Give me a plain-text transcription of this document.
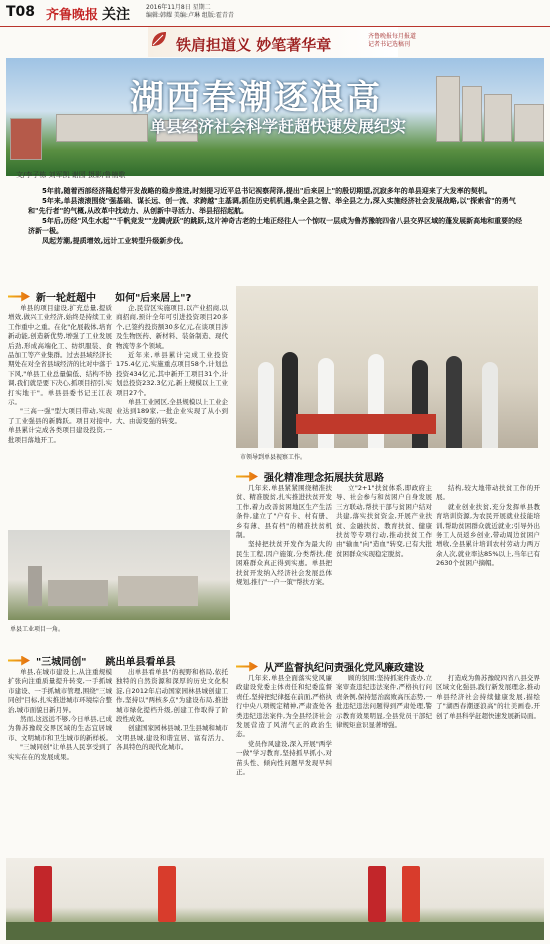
T08 齐鲁晚报 关注	2016年11月8日 星期二
编辑:韩耀 美编:卢琳 组版:霍青青
铁肩担道义 妙笔著华章	齐鲁晚报每月报道
记者书记选稿刊
湖西春潮逐浪高
单县经济社会科学赶超快速发展纪实
文/李子栋 刘军凯 谢园 摄影/鲁楠歌

5年前,随着西部经济隆起带开发战略的稳步推进,时刻提习近平总书记视察菏泽,提出"后来居上"的殷切期望,沉寂多年的单县迎来了大发率的契机。

5年来,单县滚滚围绕"强基础、谋长远、创一流、求跨越"主基调,抓住历史机机遇,集全县之智、举全县之力,深入实施经济社会发展战略,以"探索省"的勇气和"先行者"的气概,从改革中找动力、从创新中寻活力、举县招招起航。

5年后,历经"风生水起""千帆竞发""龙腾虎跃"的跳跃,这片神奇古老的土地正经往人一个惊叹一层成为鲁苏豫皖四省八县交界区域的蓬发展新高地和重要的经济新一极。

凤起芳潮,提质增效,远计工业转型升级新步伐。

新一轮赶超中 如何"后来居上"?

单县的项目建设,扩充总量,提质增效,做兴工业经济,始终是持续工业工作重中之重。在化"化展载体,培育新动能,创造新优势,增强了工业发展后劲,形成高端化工、纺织服装、食品加工等产业集群。过去县域经济长期处在对全省县域经济的比对中落于下风,"单县工业总量偏低、结构不协调,我们就是要下决心,抓项目招引,实打实地干"。单县县委书记王江表示。

"三高一强"型大项目带动,实现了工业强县的新腾跃。项目对接中,单县累计完成各类项目建设投资,一批项目落地开工。

企,民营区实施项目,以产业招商,以商招商,预计全年可引进投资项目20多个,已签约投资额30多亿元,在谈项目涉及生物医药、新材料、装备制造、现代物流等多个领域。

近年来,单县累计完成工业投资175.4亿元,实施重点项目58个,计划总投资434亿元,其中新开工项目31个,计划总投资232.3亿元,新上规模以上工业项目27个。

单县工业园区,全县规模以上工业企业达到189家,一批企业实现了从小到大、由弱变强的转变。

市领导到单县视察工作。
强化精准理念拓展扶贫思路

几年来,单县紧紧围绕精准扶贫、精准脱贫,扎实推进扶贫开发工作,着力改善贫困地区生产生活条件,建立了"户有卡、村有册、乡有薄、县有档"的精准扶贫机制。

坚持把扶贫开发作为最大的民生工程,因户施策,分类帮扶,使困难群众真正得到实惠。单县把扶贫开发纳入经济社会发展总体规划,推行"一户一策"帮扶方案。

立"2+1"扶贫体系,即政府主导、社会参与和贫困户自身发展三方联动,帮扶干部与贫困户结对共建,落实扶贫资金,开展产业扶贫、金融扶贫、教育扶贫、健康扶贫等专项行动,推动扶贫工作由"输血"向"造血"转变,已有大批贫困群众实现稳定脱贫。

结构,较大地带动扶贫工作的开展。

就业创业扶贫,充分发挥单县教育培训资源,为农民开展就业技能培训,帮助贫困群众就近就业;引导外出务工人员返乡创业,带动周边贫困户增收,全县累计培训农村劳动力两万余人次,就业率达85%以上,当年已有2630个贫困户摘帽。

单县工业项目一角。
"三城同创" 跳出单县看单县

单县,在城市建设上,从注重规模扩张向注重质量提升转变,一手抓城市建设、一手抓城市管理,围绕"三城同创"目标,扎实推进城市环境综合整治,城市面貌日新月异。

然而,这远远不够,今日单县,已成为鲁苏豫皖交界区域的生态宜居城市、文明城市和卫生城市的新样板。

"三城同创"让单县人民享受到了实实在在的发展成果。

出单县看单县"的视野和格局,依托独特的自然资源和深厚的历史文化积淀,自2012年启动国家园林县城创建工作,坚持以"两核多点"为建设布局,推进城市绿化提档升级,创建工作取得了阶段性成效。

创建国家园林县城,卫生县城和城市文明县城,建设和谐宜居、富有活力、各具特色的现代化城市。

从严监督执纪问责强化党风廉政建设

几年来,单县全面落实党风廉政建设党委主体责任和纪委监督责任,坚持把纪律挺在前面,严格执行中央八项规定精神,严肃查处各类违纪违法案件,为全县经济社会发展营造了风清气正的政治生态。

党员作风建设,深入开展"两学一做"学习教育,坚持抓早抓小,对苗头性、倾向性问题早发现早纠正。

顾的氛围;坚持抓案件查办,立案审查违纪违法案件,严格执行问责条例,保持惩治腐败高压态势,一批违纪违法问题得到严肃处理,警示教育效果明显,全县党员干部纪律规矩意识显著增强。

打造成为鲁苏豫皖四省八县交界区域文化强县,践行新发展理念,推动单县经济社会持续健康发展,描绘了"湖西春潮逐浪高"的壮美画卷,开创了单县科学赶超快速发展新局面。
